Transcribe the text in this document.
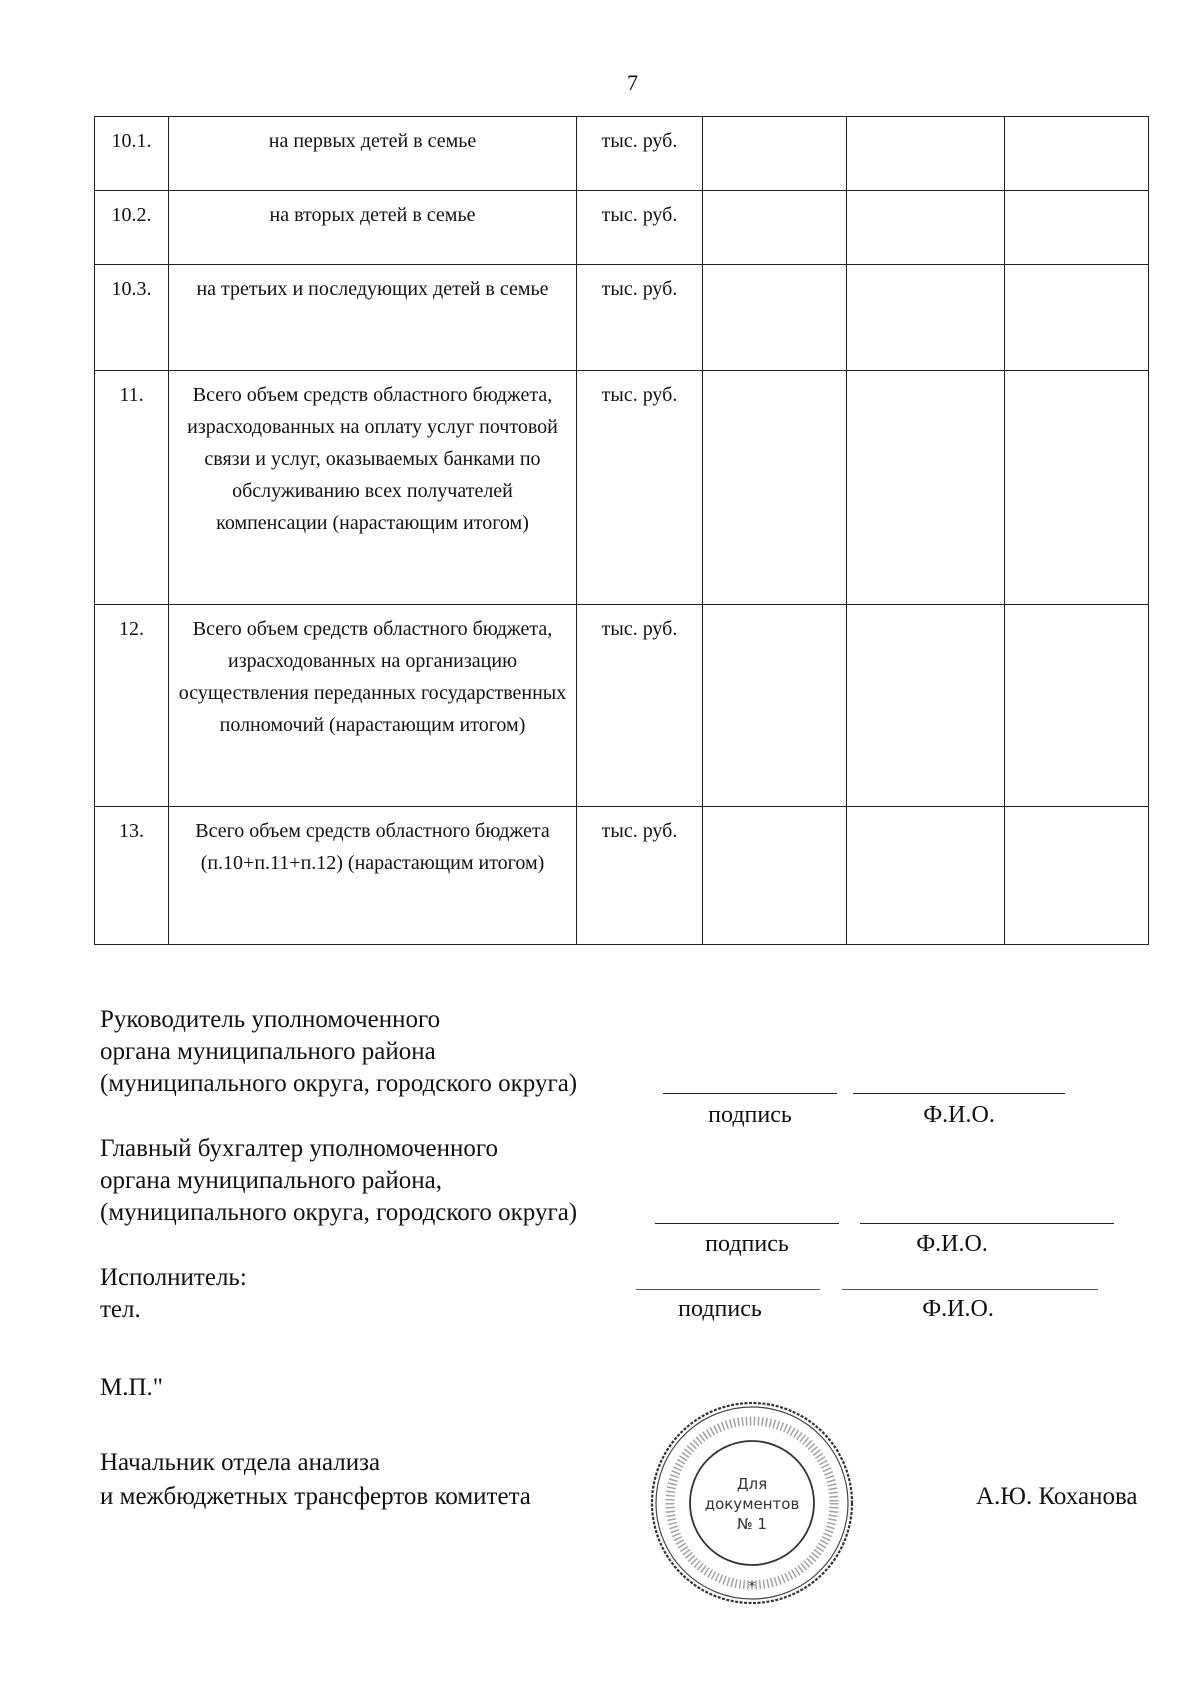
7
10.1.	на первых детей в семье	тыс. руб.			
10.2.	на вторых детей в семье	тыс. руб.			
10.3.	на третьих и последующих детей в семье	тыс. руб.			
11.	Всего объем средств областного бюджета, израсходованных на оплату услуг почтовой связи и услуг, оказываемых банками по обслуживанию всех получателей компенсации (нарастающим итогом)	тыс. руб.			
12.	Всего объем средств областного бюджета, израсходованных на организацию осуществления переданных государственных полномочий (нарастающим итогом)	тыс. руб.			
13.	Всего объем средств областного бюджета (п.10+п.11+п.12) (нарастающим итогом)	тыс. руб.			
Руководитель уполномоченного
органа муниципального района
(муниципального округа, городского округа)
подпись	Ф.И.О.
Главный бухгалтер уполномоченного
органа муниципального района,
(муниципального округа, городского округа)
подпись	Ф.И.О.
Исполнитель:
тел.	подпись	Ф.И.О.
М.П."
Начальник отдела анализа
и межбюджетных трансфертов комитета	А.Ю. Коханова
Для
документов
№ 1
*
